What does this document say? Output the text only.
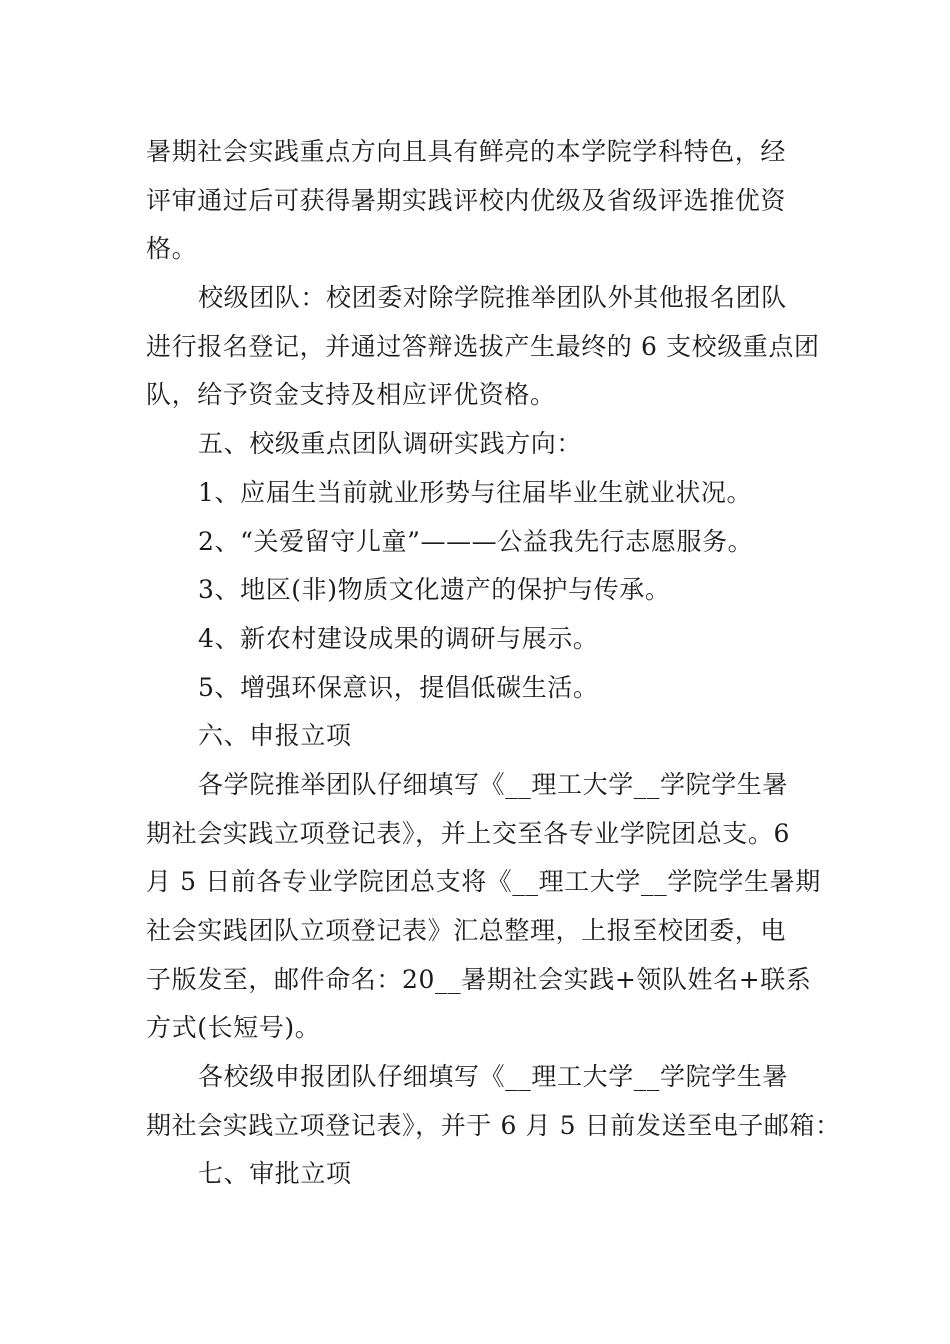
暑期社会实践重点方向且具有鲜亮的本学院学科特色，经
评审通过后可获得暑期实践评校内优级及省级评选推优资
格。
校级团队：校团委对除学院推举团队外其他报名团队
进行报名登记，并通过答辩选拔产生最终的 6 支校级重点团
队，给予资金支持及相应评优资格。
五、校级重点团队调研实践方向：
1、应届生当前就业形势与往届毕业生就业状况。
2、“关爱留守儿童”———公益我先行志愿服务。
3、地区(非)物质文化遗产的保护与传承。
4、新农村建设成果的调研与展示。
5、增强环保意识，提倡低碳生活。
六、申报立项
各学院推举团队仔细填写《__理工大学__学院学生暑
期社会实践立项登记表》，并上交至各专业学院团总支。6
月 5 日前各专业学院团总支将《__理工大学__学院学生暑期
社会实践团队立项登记表》汇总整理，上报至校团委，电
子版发至，邮件命名：20__暑期社会实践+领队姓名+联系
方式(长短号)。
各校级申报团队仔细填写《__理工大学__学院学生暑
期社会实践立项登记表》，并于 6 月 5 日前发送至电子邮箱：
七、审批立项
